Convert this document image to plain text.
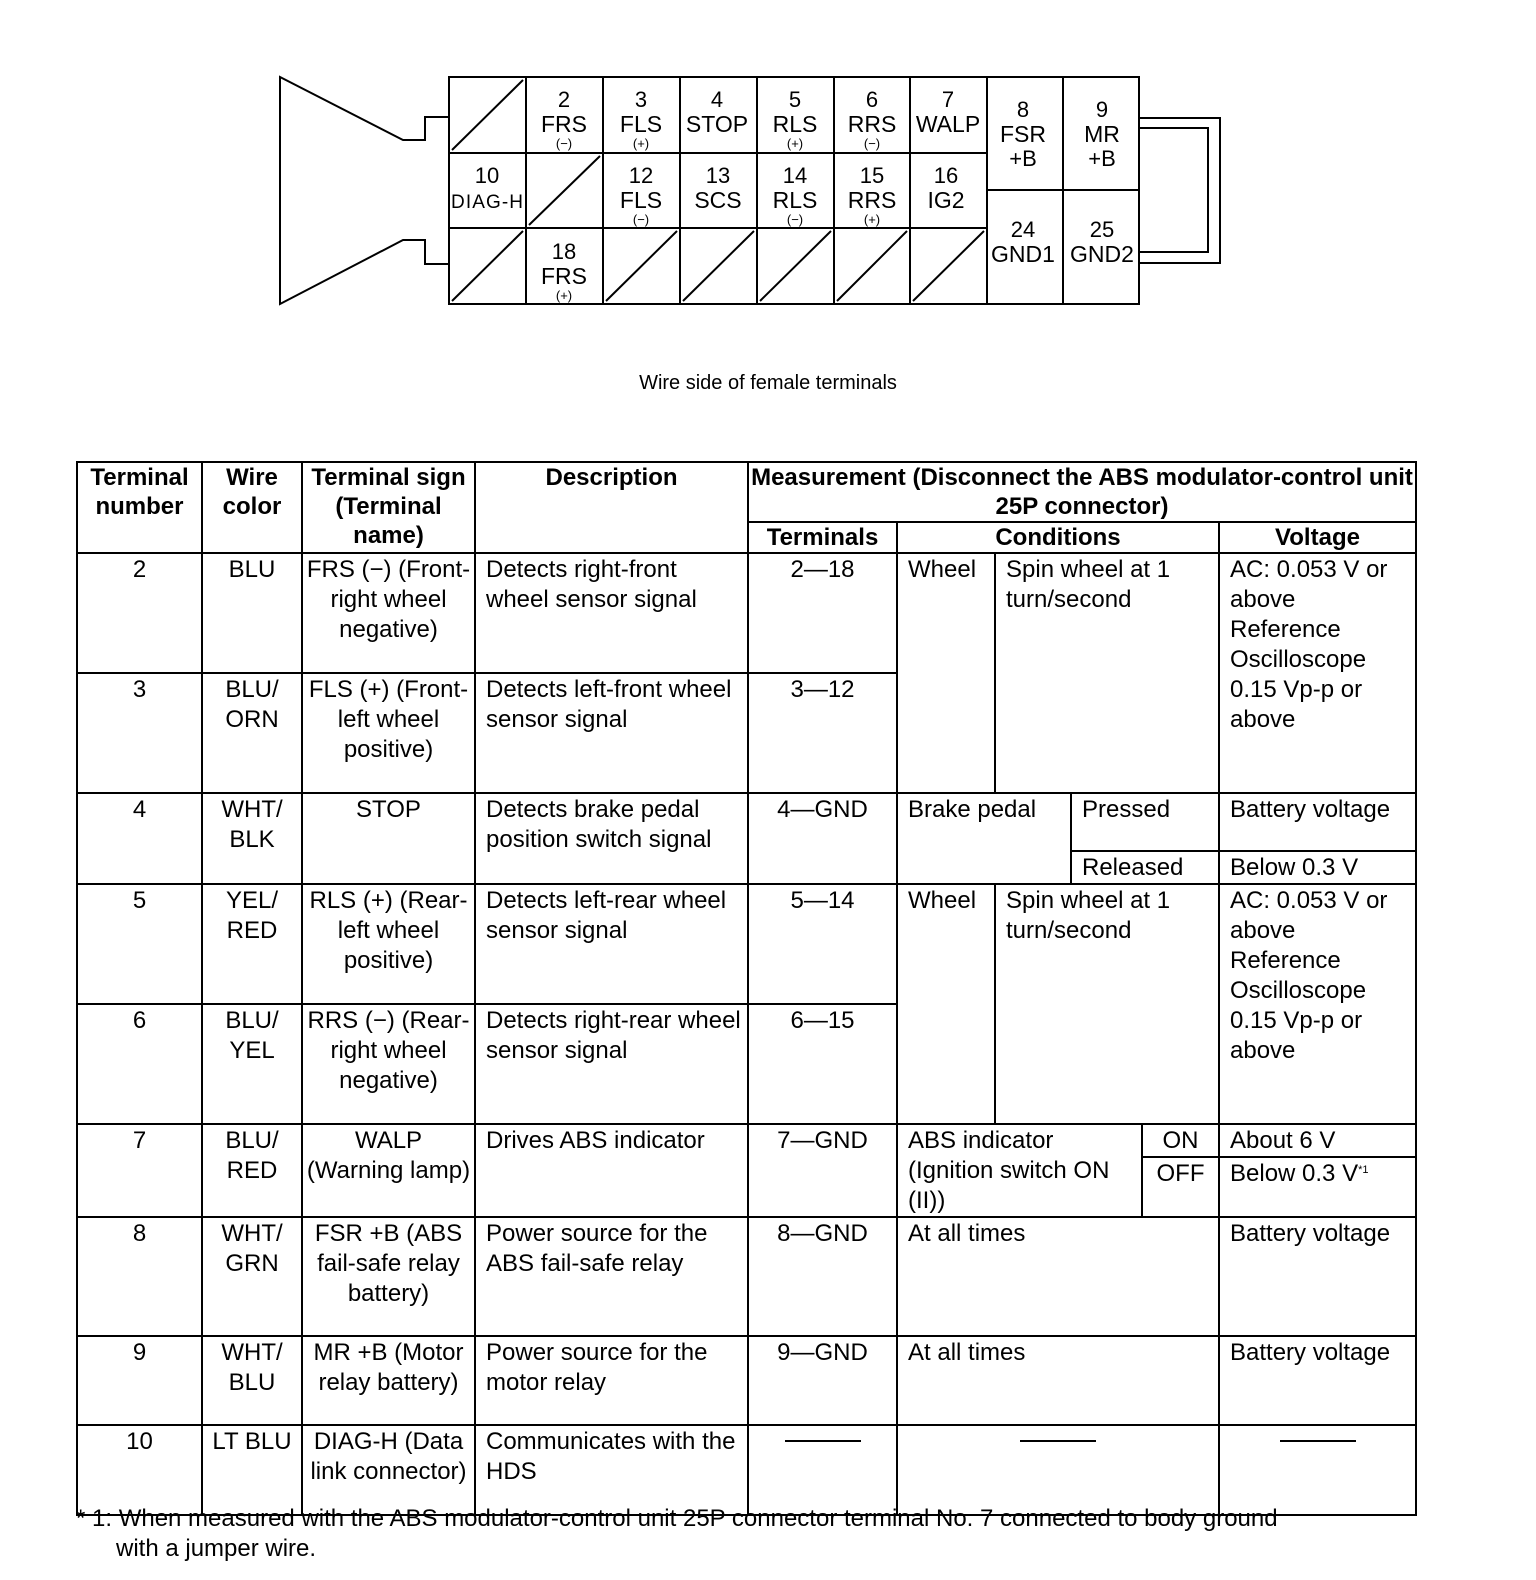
2
FRS
(−)
3
FLS
(+)
4
STOP
5
RLS
(+)
6
RRS
(−)
7
WALP
8
FSR
+B
9
MR
+B
10
DIAG-H
12
FLS
(−)
13
SCS
14
RLS
(−)
15
RRS
(+)
16
IG2
18
FRS
(+)
24
GND1
25
GND2
Wire side of female terminals
Terminal number	Wire color	Terminal sign (Terminal name)	Description	Measurement (Disconnect the ABS modulator-control unit 25P connector)					
				Terminals	Conditions				Voltage
2	BLU	FRS (−) (Front-right wheel negative)	Detects right-front wheel sensor signal	2—18	Wheel	Spin wheel at 1 turn/second			AC: 0.053 V or above Reference Oscilloscope 0.15 Vp-p or above
3	BLU/ ORN	FLS (+) (Front-left wheel positive)	Detects left-front wheel sensor signal	3—12					
4	WHT/ BLK	STOP	Detects brake pedal position switch signal	4—GND	Brake pedal		Pressed		Battery voltage
							Released		Below 0.3 V
5	YEL/ RED	RLS (+) (Rear-left wheel positive)	Detects left-rear wheel sensor signal	5—14	Wheel	Spin wheel at 1 turn/second			AC: 0.053 V or above Reference Oscilloscope 0.15 Vp-p or above
6	BLU/ YEL	RRS (−) (Rear-right wheel negative)	Detects right-rear wheel sensor signal	6—15					
7	BLU/ RED	WALP (Warning lamp)	Drives ABS indicator	7—GND	ABS indicator (Ignition switch ON (II))			ON	About 6 V
								OFF	Below 0.3 $V^{*1}$
8	WHT/ GRN	FSR +B (ABS fail-safe relay battery)	Power source for the ABS fail-safe relay	8—GND	At all times				Battery voltage
9	WHT/ BLU	MR +B (Motor relay battery)	Power source for the motor relay	9—GND	At all times				Battery voltage
10	LT BLU	DIAG-H (Data link connector)	Communicates with the HDS				

* 1: When measured with the ABS modulator-control unit 25P connector terminal No. 7 connected to body ground
with a jumper wire.
